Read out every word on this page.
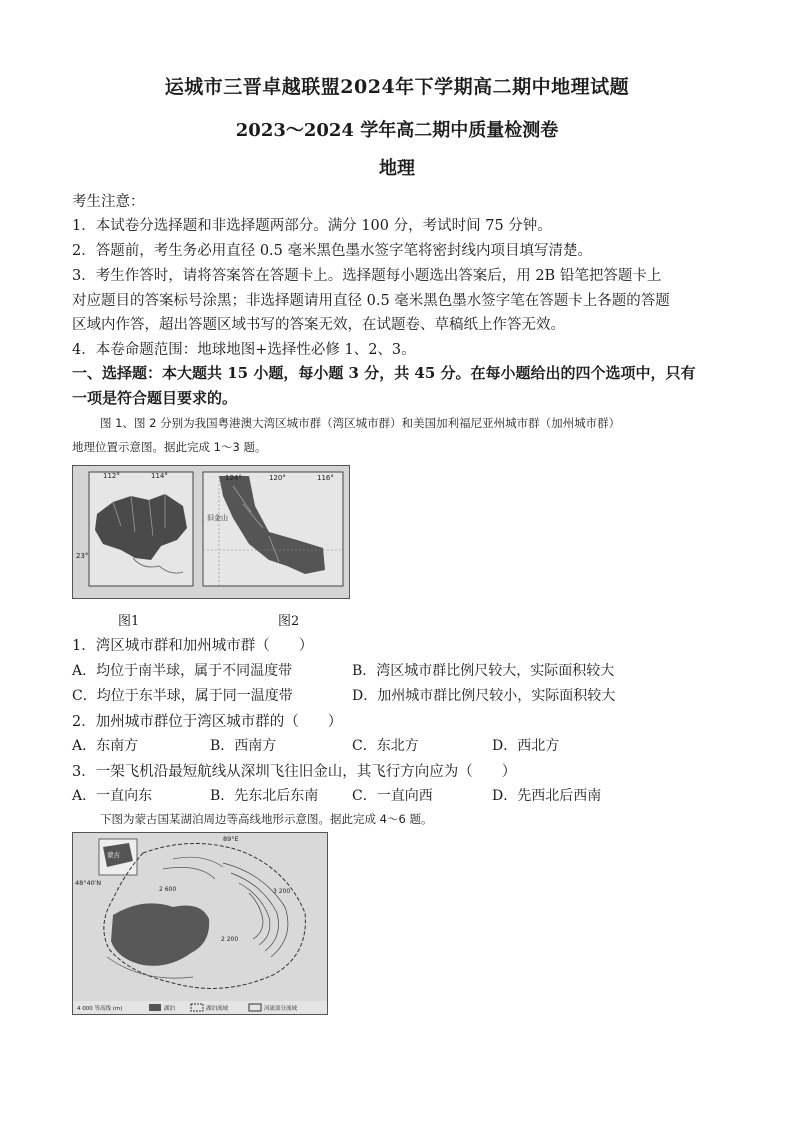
运城市三晋卓越联盟2024年下学期高二期中地理试题
2023～2024 学年高二期中质量检测卷
地理
考生注意：
1．本试卷分选择题和非选择题两部分。满分 100 分，考试时间 75 分钟。
2．答题前，考生务必用直径 0.5 毫米黑色墨水签字笔将密封线内项目填写清楚。
3．考生作答时，请将答案答在答题卡上。选择题每小题选出答案后，用 2B 铅笔把答题卡上
对应题目的答案标号涂黑；非选择题请用直径 0.5 毫米黑色墨水签字笔在答题卡上各题的答题
区域内作答，超出答题区域书写的答案无效，在试题卷、草稿纸上作答无效。
4．本卷命题范围：地球地图+选择性必修 1、2、3。
一、选择题：本大题共 15 小题，每小题 3 分，共 45 分。在每小题给出的四个选项中，只有
一项是符合题目要求的。
图 1、图 2 分别为我国粤港澳大湾区城市群（湾区城市群）和美国加利福尼亚州城市群（加州城市群）
地理位置示意图。据此完成 1～3 题。
112°	114°
23°
124°	120°	116°
旧金山
图1	图2
1．湾区城市群和加州城市群（　　）
A．均位于南半球，属于不同温度带	B．湾区城市群比例尺较大，实际面积较大
C．均位于东半球，属于同一温度带	D．加州城市群比例尺较小，实际面积较大
2．加州城市群位于湾区城市群的（　　）
A．东南方	B．西南方	C．东北方	D．西北方
3．一架飞机沿最短航线从深圳飞往旧金山，其飞行方向应为（　　）
A．一直向东	B．先东北后东南 C．一直向西	D．先西北后西南
下图为蒙古国某湖泊周边等高线地形示意图。据此完成 4～6 题。
48°40′N
89°E
蒙古
2 600	3 200
2 200
4 000 等高线 (m)	湖泊	湖泊流域	河流部分流域
